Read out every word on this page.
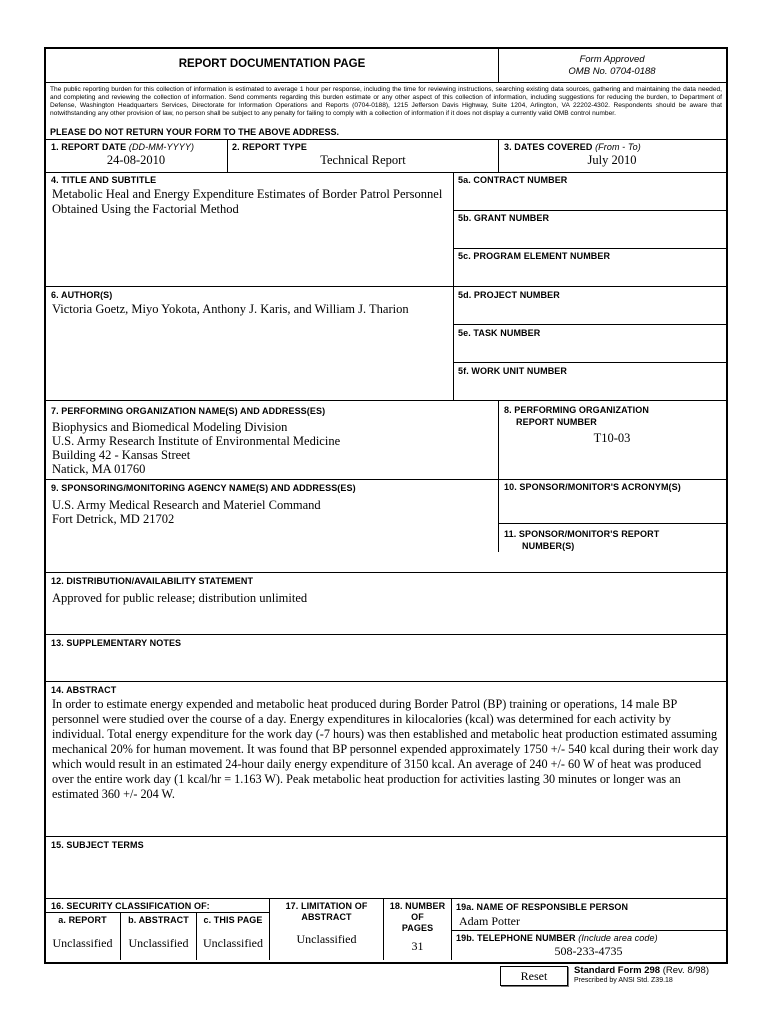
REPORT DOCUMENTATION PAGE	Form Approved
OMB No. 0704-0188
The public reporting burden for this collection of information is estimated to average 1 hour per response, including the time for reviewing instructions, searching existing data sources, gathering and maintaining the data needed, and completing and reviewing the collection of information. Send comments regarding this burden estimate or any other aspect of this collection of information, including suggestions for reducing the burden, to Department of Defense, Washington Headquarters Services, Directorate for Information Operations and Reports (0704-0188), 1215 Jefferson Davis Highway, Suite 1204, Arlington, VA 22202-4302. Respondents should be aware that notwithstanding any other provision of law, no person shall be subject to any penalty for failing to comply with a collection of information if it does not display a currently valid OMB control number.
PLEASE DO NOT RETURN YOUR FORM TO THE ABOVE ADDRESS.
1. REPORT DATE (DD-MM-YYYY)
24-08-2010
2. REPORT TYPE
Technical Report
3. DATES COVERED (From - To)
July 2010
4. TITLE AND SUBTITLE
Metabolic Heal and Energy Expenditure Estimates of Border Patrol Personnel Obtained Using the Factorial Method
5a. CONTRACT NUMBER
5b. GRANT NUMBER
5c. PROGRAM ELEMENT NUMBER
6. AUTHOR(S)
Victoria Goetz, Miyo Yokota, Anthony J. Karis, and William J. Tharion
5d. PROJECT NUMBER
5e. TASK NUMBER
5f. WORK UNIT NUMBER
7. PERFORMING ORGANIZATION NAME(S) AND ADDRESS(ES)
Biophysics and Biomedical Modeling Division
U.S. Army Research Institute of Environmental Medicine
Building 42 - Kansas Street
Natick, MA 01760
8. PERFORMING ORGANIZATION
REPORT NUMBER
T10-03
9. SPONSORING/MONITORING AGENCY NAME(S) AND ADDRESS(ES)
U.S. Army Medical Research and Materiel Command
Fort Detrick, MD 21702
10. SPONSOR/MONITOR'S ACRONYM(S)
11. SPONSOR/MONITOR'S REPORT
NUMBER(S)
12. DISTRIBUTION/AVAILABILITY STATEMENT
Approved for public release; distribution unlimited
13. SUPPLEMENTARY NOTES
14. ABSTRACT
In order to estimate energy expended and metabolic heat produced during Border Patrol (BP) training or operations, 14 male BP personnel were studied over the course of a day. Energy expenditures in kilocalories (kcal) was determined for each activity by individual. Total energy expenditure for the work day (-7 hours) was then established and metabolic heat production estimated assuming mechanical 20% for human movement. It was found that BP personnel expended approximately 1750 +/- 540 kcal during their work day which would result in an estimated 24-hour daily energy expenditure of 3150 kcal. An average of 240 +/- 60 W of heat was produced over the entire work day (1 kcal/hr = 1.163 W). Peak metabolic heat production for activities lasting 30 minutes or longer was an estimated 360 +/- 204 W.
15. SUBJECT TERMS
16. SECURITY CLASSIFICATION OF:
a. REPORT	b. ABSTRACT	c. THIS PAGE
Unclassified	Unclassified	Unclassified
17. LIMITATION OF
ABSTRACT
Unclassified
18. NUMBER
OF
PAGES
31
19a. NAME OF RESPONSIBLE PERSON
Adam Potter
19b. TELEPHONE NUMBER (Include area code)
508-233-4735
Reset	Standard Form 298 (Rev. 8/98)
Prescribed by ANSI Std. Z39.18
